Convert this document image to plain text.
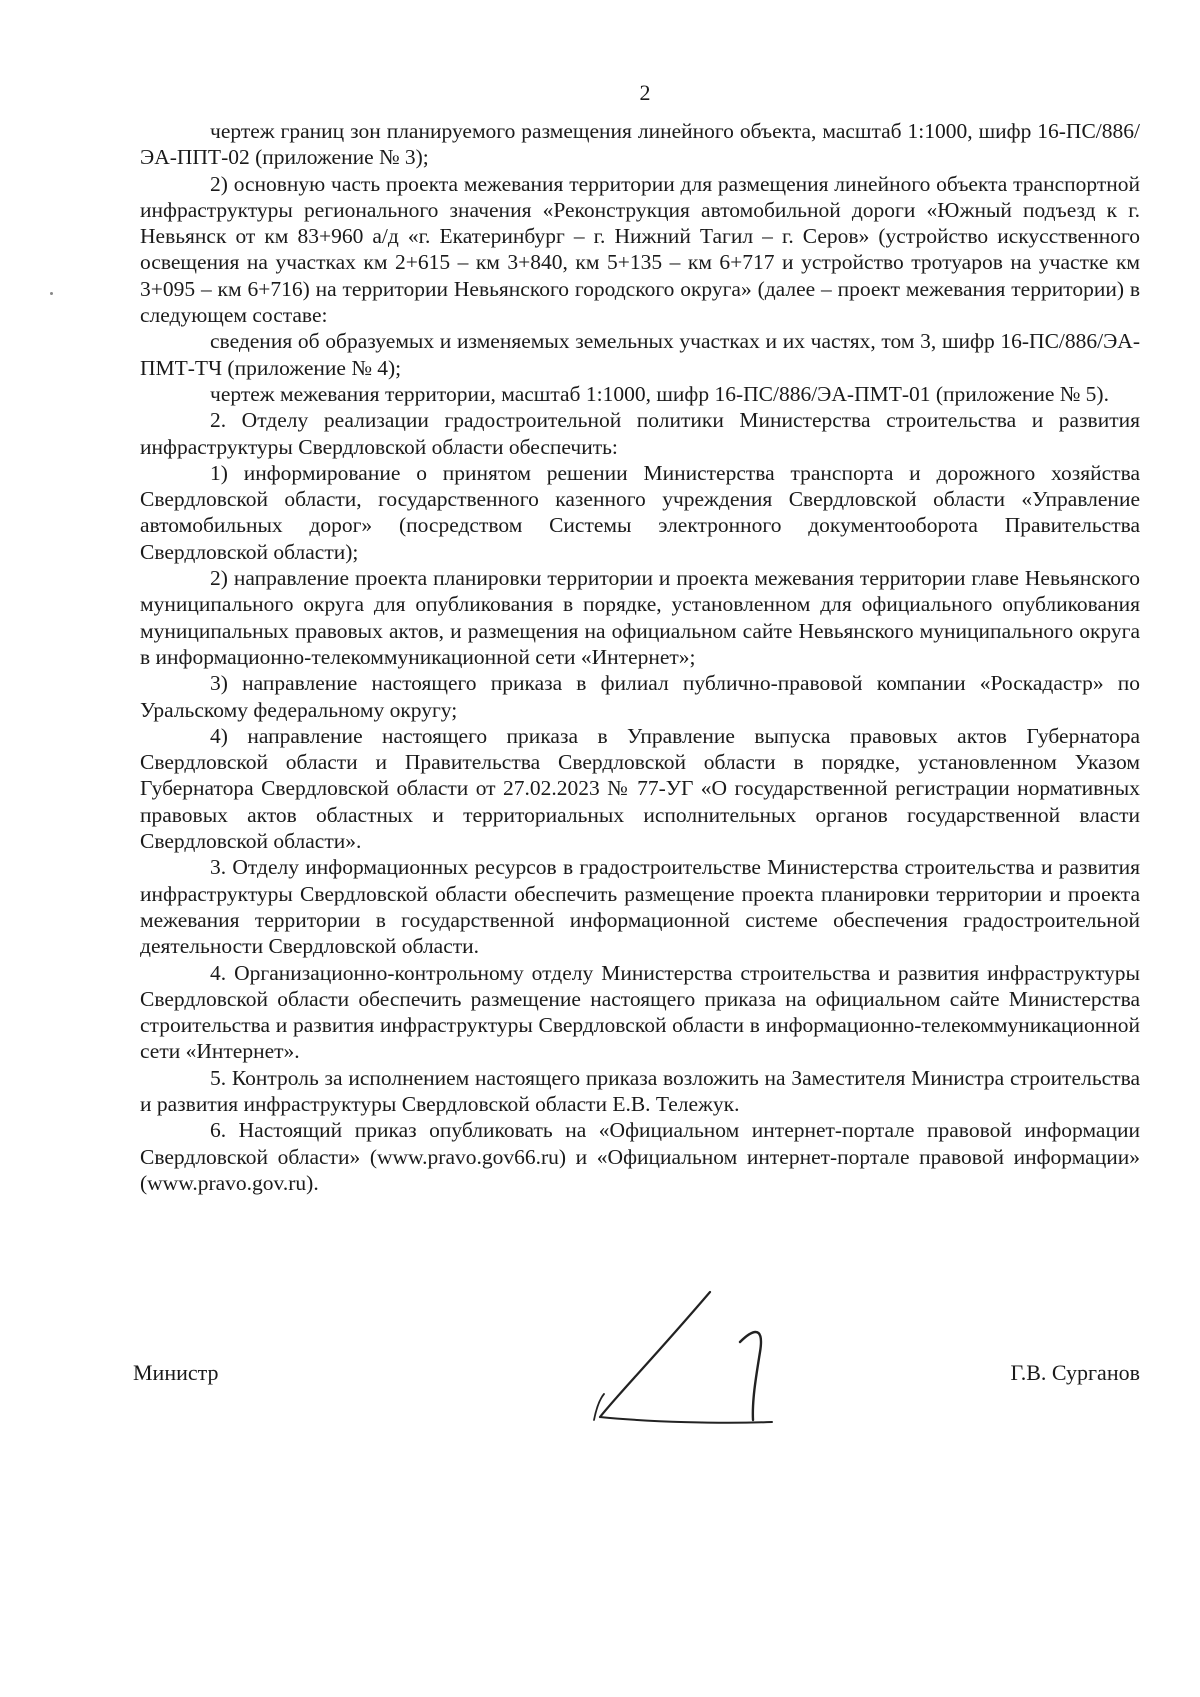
2

чертеж границ зон планируемого размещения линейного объекта, масштаб 1:1000, шифр 16-ПС/886/ЭА-ППТ-02 (приложение № 3);

2) основную часть проекта межевания территории для размещения линейного объекта транспортной инфраструктуры регионального значения «Реконструкция автомобильной дороги «Южный подъезд к г. Невьянск от км 83+960 а/д «г. Екатеринбург – г. Нижний Тагил – г. Серов» (устройство искусственного освещения на участках км 2+615 – км 3+840, км 5+135 – км 6+717 и устройство тротуаров на участке км 3+095 – км 6+716) на территории Невьянского городского округа» (далее – проект межевания территории) в следующем составе:

сведения об образуемых и изменяемых земельных участках и их частях, том 3, шифр 16-ПС/886/ЭА-ПМТ-ТЧ (приложение № 4);

чертеж межевания территории, масштаб 1:1000, шифр 16-ПС/886/ЭА-ПМТ-01 (приложение № 5).

2. Отделу реализации градостроительной политики Министерства строительства и развития инфраструктуры Свердловской области обеспечить:

1) информирование о принятом решении Министерства транспорта и дорожного хозяйства Свердловской области, государственного казенного учреждения Свердловской области «Управление автомобильных дорог» (посредством Системы электронного документооборота Правительства Свердловской области);

2) направление проекта планировки территории и проекта межевания территории главе Невьянского муниципального округа для опубликования в порядке, установленном для официального опубликования муниципальных правовых актов, и размещения на официальном сайте Невьянского муниципального округа в информационно-телекоммуникационной сети «Интернет»;

3) направление настоящего приказа в филиал публично-правовой компании «Роскадастр» по Уральскому федеральному округу;

4) направление настоящего приказа в Управление выпуска правовых актов Губернатора Свердловской области и Правительства Свердловской области в порядке, установленном Указом Губернатора Свердловской области от 27.02.2023 № 77-УГ «О государственной регистрации нормативных правовых актов областных и территориальных исполнительных органов государственной власти Свердловской области».

3. Отделу информационных ресурсов в градостроительстве Министерства строительства и развития инфраструктуры Свердловской области обеспечить размещение проекта планировки территории и проекта межевания территории в государственной информационной системе обеспечения градостроительной деятельности Свердловской области.

4. Организационно-контрольному отделу Министерства строительства и развития инфраструктуры Свердловской области обеспечить размещение настоящего приказа на официальном сайте Министерства строительства и развития инфраструктуры Свердловской области в информационно-телекоммуникационной сети «Интернет».

5. Контроль за исполнением настоящего приказа возложить на Заместителя Министра строительства и развития инфраструктуры Свердловской области Е.В. Тележук.

6. Настоящий приказ опубликовать на «Официальном интернет-портале правовой информации Свердловской области» (www.pravo.gov66.ru) и «Официальном интернет-портале правовой информации» (www.pravo.gov.ru).

Министр	Г.В. Сурганов
